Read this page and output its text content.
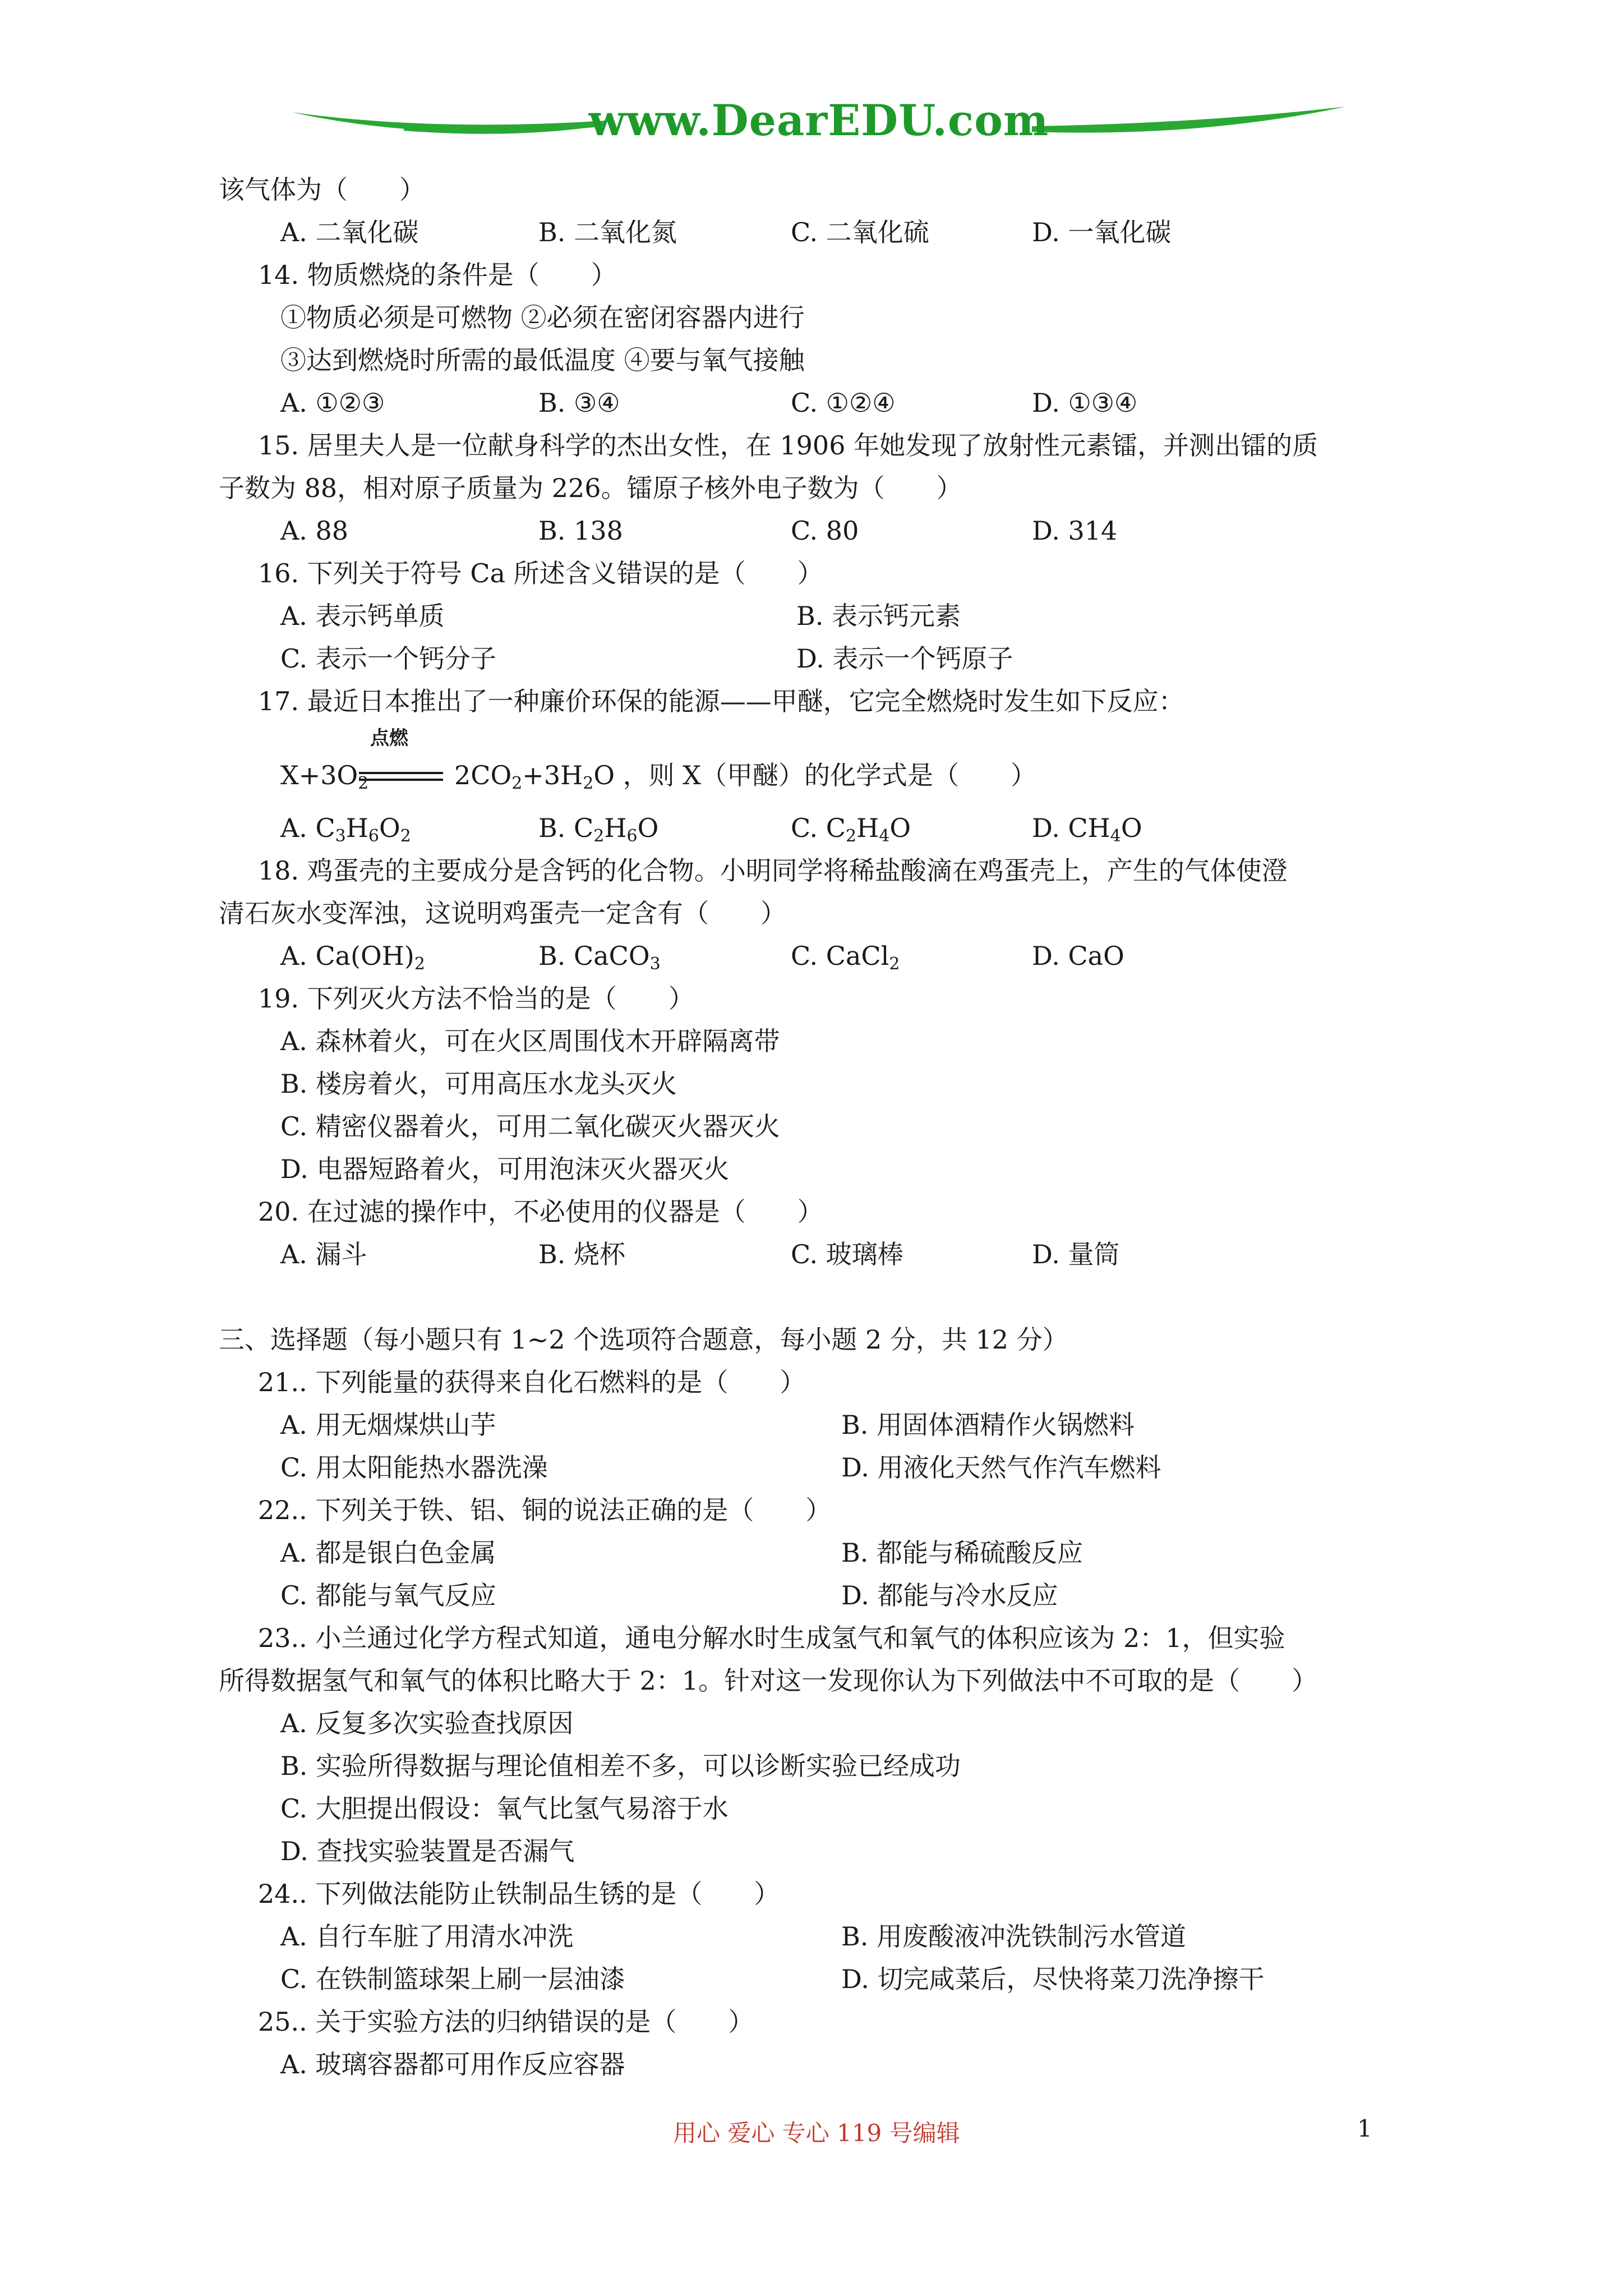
www.DearEDU.com
该气体为（　　）
A. 二氧化碳	B. 二氧化氮	C. 二氧化硫	D. 一氧化碳
14. 物质燃烧的条件是（　　）
①物质必须是可燃物 ②必须在密闭容器内进行
③达到燃烧时所需的最低温度 ④要与氧气接触
A. ①②③	B. ③④	C. ①②④	D. ①③④
15. 居里夫人是一位献身科学的杰出女性，在 1906 年她发现了放射性元素镭，并测出镭的质
子数为 88，相对原子质量为 226。镭原子核外电子数为（　　）
A. 88	B. 138	C. 80	D. 314
16. 下列关于符号 Ca 所述含义错误的是（　　）
A. 表示钙单质	B. 表示钙元素
C. 表示一个钙分子	D. 表示一个钙原子
17. 最近日本推出了一种廉价环保的能源——甲醚，它完全燃烧时发生如下反应：
点燃
$X+3O_2$	$2CO_2+3H_2O$ ，则 X（甲醚）的化学式是（　　）
A. $C_3H_6O_2$	B. $C_2H_6O$	C. $C_2H_4O$	D. $CH_4O$
18. 鸡蛋壳的主要成分是含钙的化合物。小明同学将稀盐酸滴在鸡蛋壳上，产生的气体使澄
清石灰水变浑浊，这说明鸡蛋壳一定含有（　　）
A. $Ca(OH)_2$	B. CaCO$_3$	C. CaCl$_2$	D. CaO
19. 下列灭火方法不恰当的是（　　）
A. 森林着火，可在火区周围伐木开辟隔离带
B. 楼房着火，可用高压水龙头灭火
C. 精密仪器着火，可用二氧化碳灭火器灭火
D. 电器短路着火，可用泡沫灭火器灭火
20. 在过滤的操作中，不必使用的仪器是（　　）
A. 漏斗	B. 烧杯	C. 玻璃棒	D. 量筒
三、选择题（每小题只有 1~2 个选项符合题意，每小题 2 分，共 12 分）
21.. 下列能量的获得来自化石燃料的是（　　）
A. 用无烟煤烘山芋	B. 用固体酒精作火锅燃料
C. 用太阳能热水器洗澡	D. 用液化天然气作汽车燃料
22.. 下列关于铁、铝、铜的说法正确的是（　　）
A. 都是银白色金属	B. 都能与稀硫酸反应
C. 都能与氧气反应	D. 都能与冷水反应
23.. 小兰通过化学方程式知道，通电分解水时生成氢气和氧气的体积应该为 2：1，但实验
所得数据氢气和氧气的体积比略大于 2：1。针对这一发现你认为下列做法中不可取的是（　　）
A. 反复多次实验查找原因
B. 实验所得数据与理论值相差不多，可以诊断实验已经成功
C. 大胆提出假设：氧气比氢气易溶于水
D. 查找实验装置是否漏气
24.. 下列做法能防止铁制品生锈的是（　　）
A. 自行车脏了用清水冲洗	B. 用废酸液冲洗铁制污水管道
C. 在铁制篮球架上刷一层油漆	D. 切完咸菜后，尽快将菜刀洗净擦干
25.. 关于实验方法的归纳错误的是（　　）
A. 玻璃容器都可用作反应容器
用心 爱心 专心 119 号编辑	1
